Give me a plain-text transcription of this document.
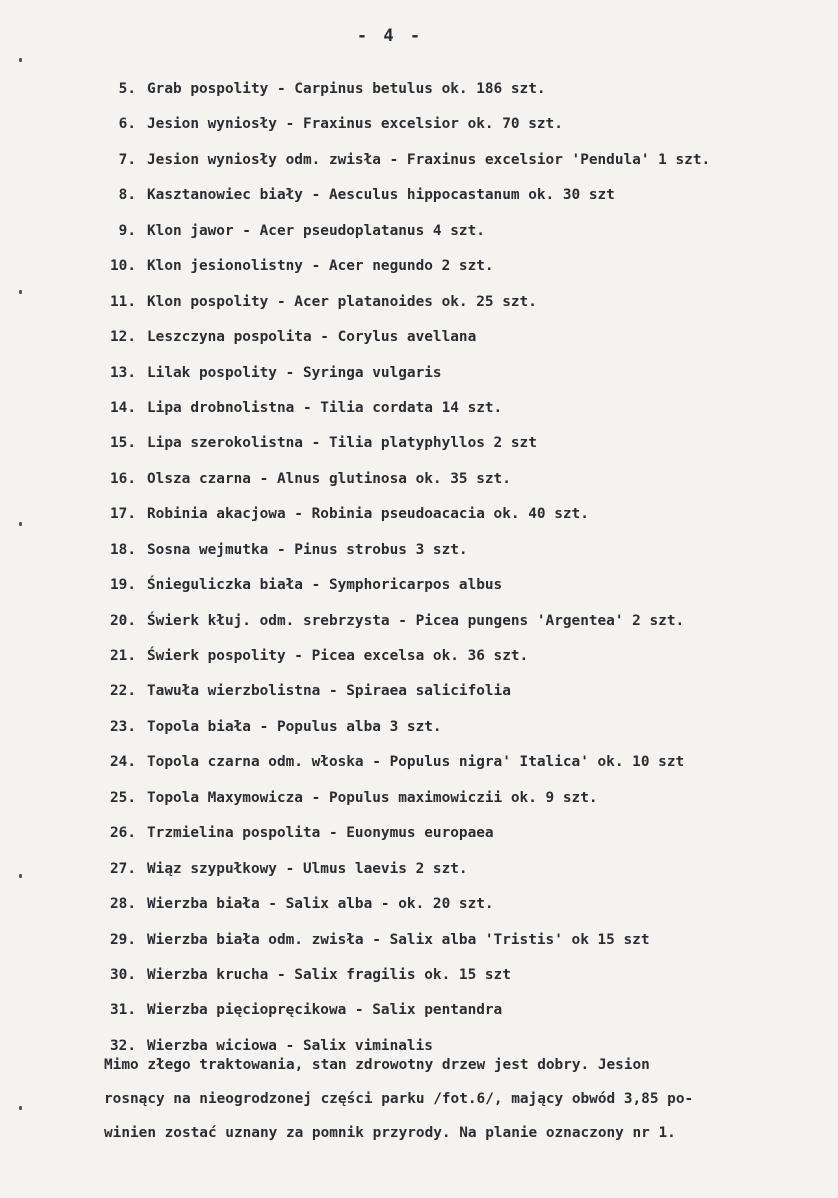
- 4 -
5. Grab pospolity - Carpinus betulus ok. 186 szt.
6. Jesion wyniosły - Fraxinus excelsior ok. 70 szt.
7. Jesion wyniosły odm. zwisła - Fraxinus excelsior 'Pendula' 1 szt.
8. Kasztanowiec biały - Aesculus hippocastanum ok. 30 szt
9. Klon jawor - Acer pseudoplatanus 4 szt.
10. Klon jesionolistny - Acer negundo 2 szt.
11. Klon pospolity - Acer platanoides ok. 25 szt.
12. Leszczyna pospolita - Corylus avellana
13. Lilak pospolity - Syringa vulgaris
14. Lipa drobnolistna - Tilia cordata 14 szt.
15. Lipa szerokolistna - Tilia platyphyllos 2 szt
16. Olsza czarna - Alnus glutinosa ok. 35 szt.
17. Robinia akacjowa - Robinia pseudoacacia ok. 40 szt.
18. Sosna wejmutka - Pinus strobus 3 szt.
19. Śnieguliczka biała - Symphoricarpos albus
20. Świerk kłuj. odm. srebrzysta - Picea pungens 'Argentea' 2 szt.
21. Świerk pospolity - Picea excelsa ok. 36 szt.
22. Tawuła wierzbolistna - Spiraea salicifolia
23. Topola biała - Populus alba 3 szt.
24. Topola czarna odm. włoska - Populus nigra' Italica' ok. 10 szt
25. Topola Maxymowicza - Populus maximowiczii ok. 9 szt.
26. Trzmielina pospolita - Euonymus europaea
27. Wiąz szypułkowy - Ulmus laevis 2 szt.
28. Wierzba biała - Salix alba - ok. 20 szt.
29. Wierzba biała odm. zwisła - Salix alba 'Tristis' ok 15 szt
30. Wierzba krucha - Salix fragilis ok. 15 szt
31. Wierzba pięciopręcikowa - Salix pentandra
32. Wierzba wiciowa - Salix viminalis

Mimo złego traktowania, stan zdrowotny drzew jest dobry. Jesion
rosnący na nieogrodzonej części parku /fot.6/, mający obwód 3,85 po-
winien zostać uznany za pomnik przyrody. Na planie oznaczony nr 1.
